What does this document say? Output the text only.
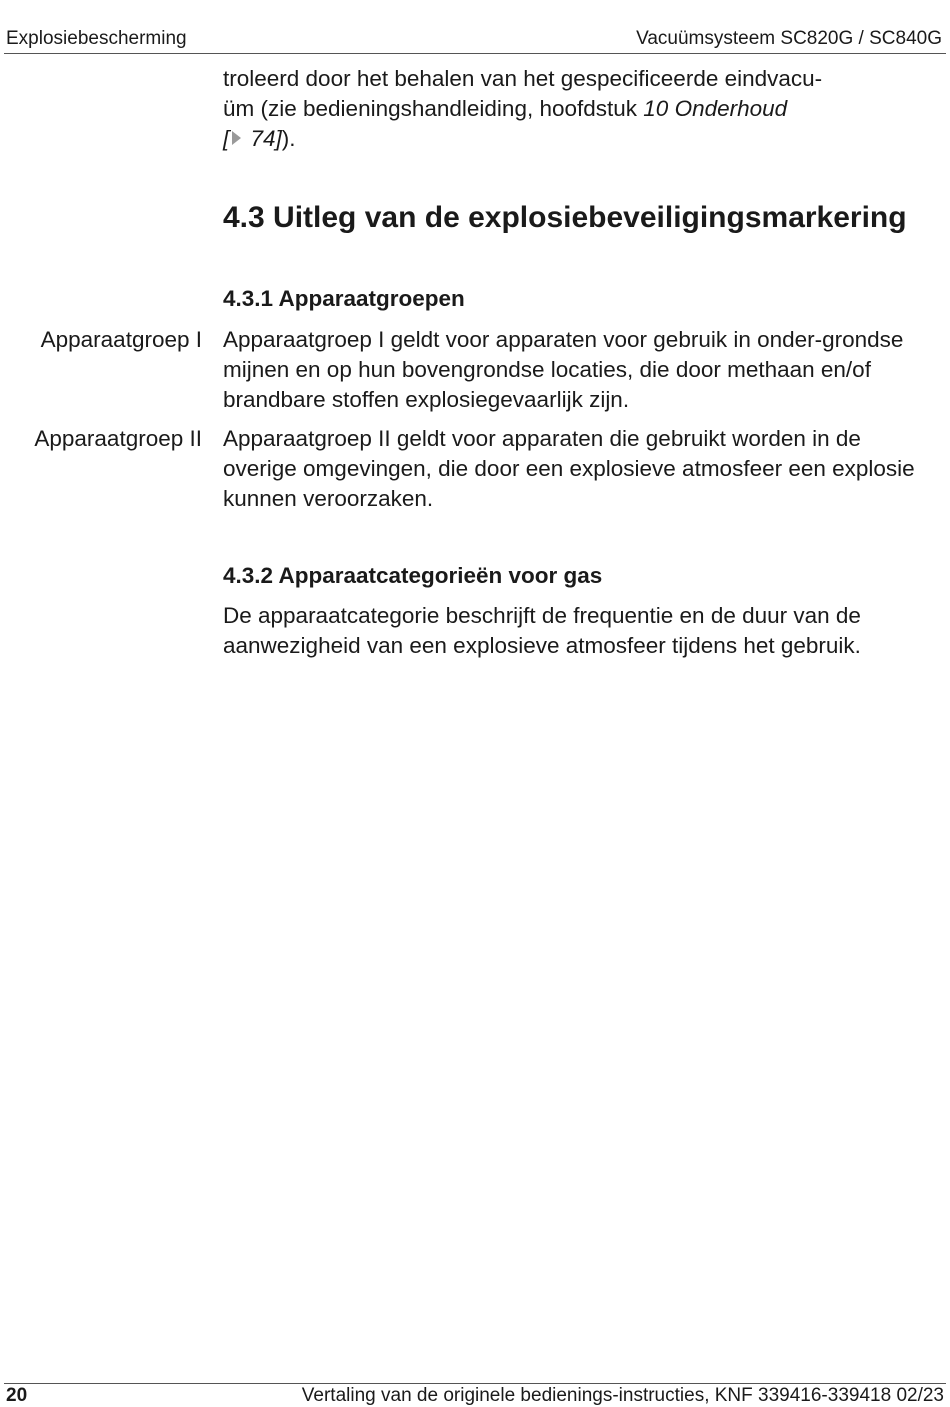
Explosiebescherming	Vacuümsysteem SC820G / SC840G

troleerd door het behalen van het gespecificeerde eindvacu-

üm (zie bedieningshandleiding, hoofdstuk 10 Onderhoud

[ 74]).

4.3 Uitleg van de explosiebeveiligingsmarkering
4.3.1 Apparaatgroepen
Apparaatgroep I Apparaatgroep I geldt voor apparaten voor gebruik in onder-grondse mijnen en op hun bovengrondse locaties, die door methaan en/of brandbare stoffen explosiegevaarlijk zijn.

Apparaatgroep II Apparaatgroep II geldt voor apparaten die gebruikt worden in de overige omgevingen, die door een explosieve atmosfeer een explosie kunnen veroorzaken.

4.3.2 Apparaatcategorieën voor gas

De apparaatcategorie beschrijft de frequentie en de duur van de aanwezigheid van een explosieve atmosfeer tijdens het gebruik.

20	Vertaling van de originele bedienings-instructies, KNF 339416-339418 02/23
